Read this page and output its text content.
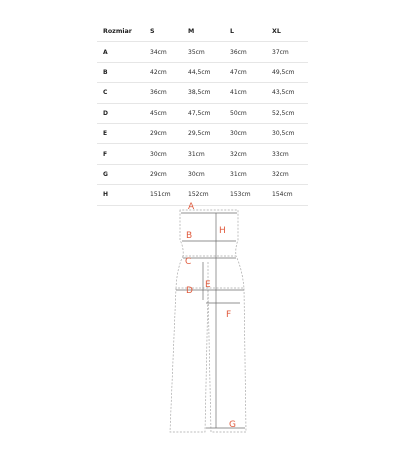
Rozmiar	S	M	L	XL
A	34cm	35cm	36cm	37cm
B	42cm	44,5cm	47cm	49,5cm
C	36cm	38,5cm	41cm	43,5cm
D	45cm	47,5cm	50cm	52,5cm
E	29cm	29,5cm	30cm	30,5cm
F	30cm	31cm	32cm	33cm
G	29cm	30cm	31cm	32cm
H	151cm	152cm	153cm	154cm
A
B	H
C
E
D
F
G
